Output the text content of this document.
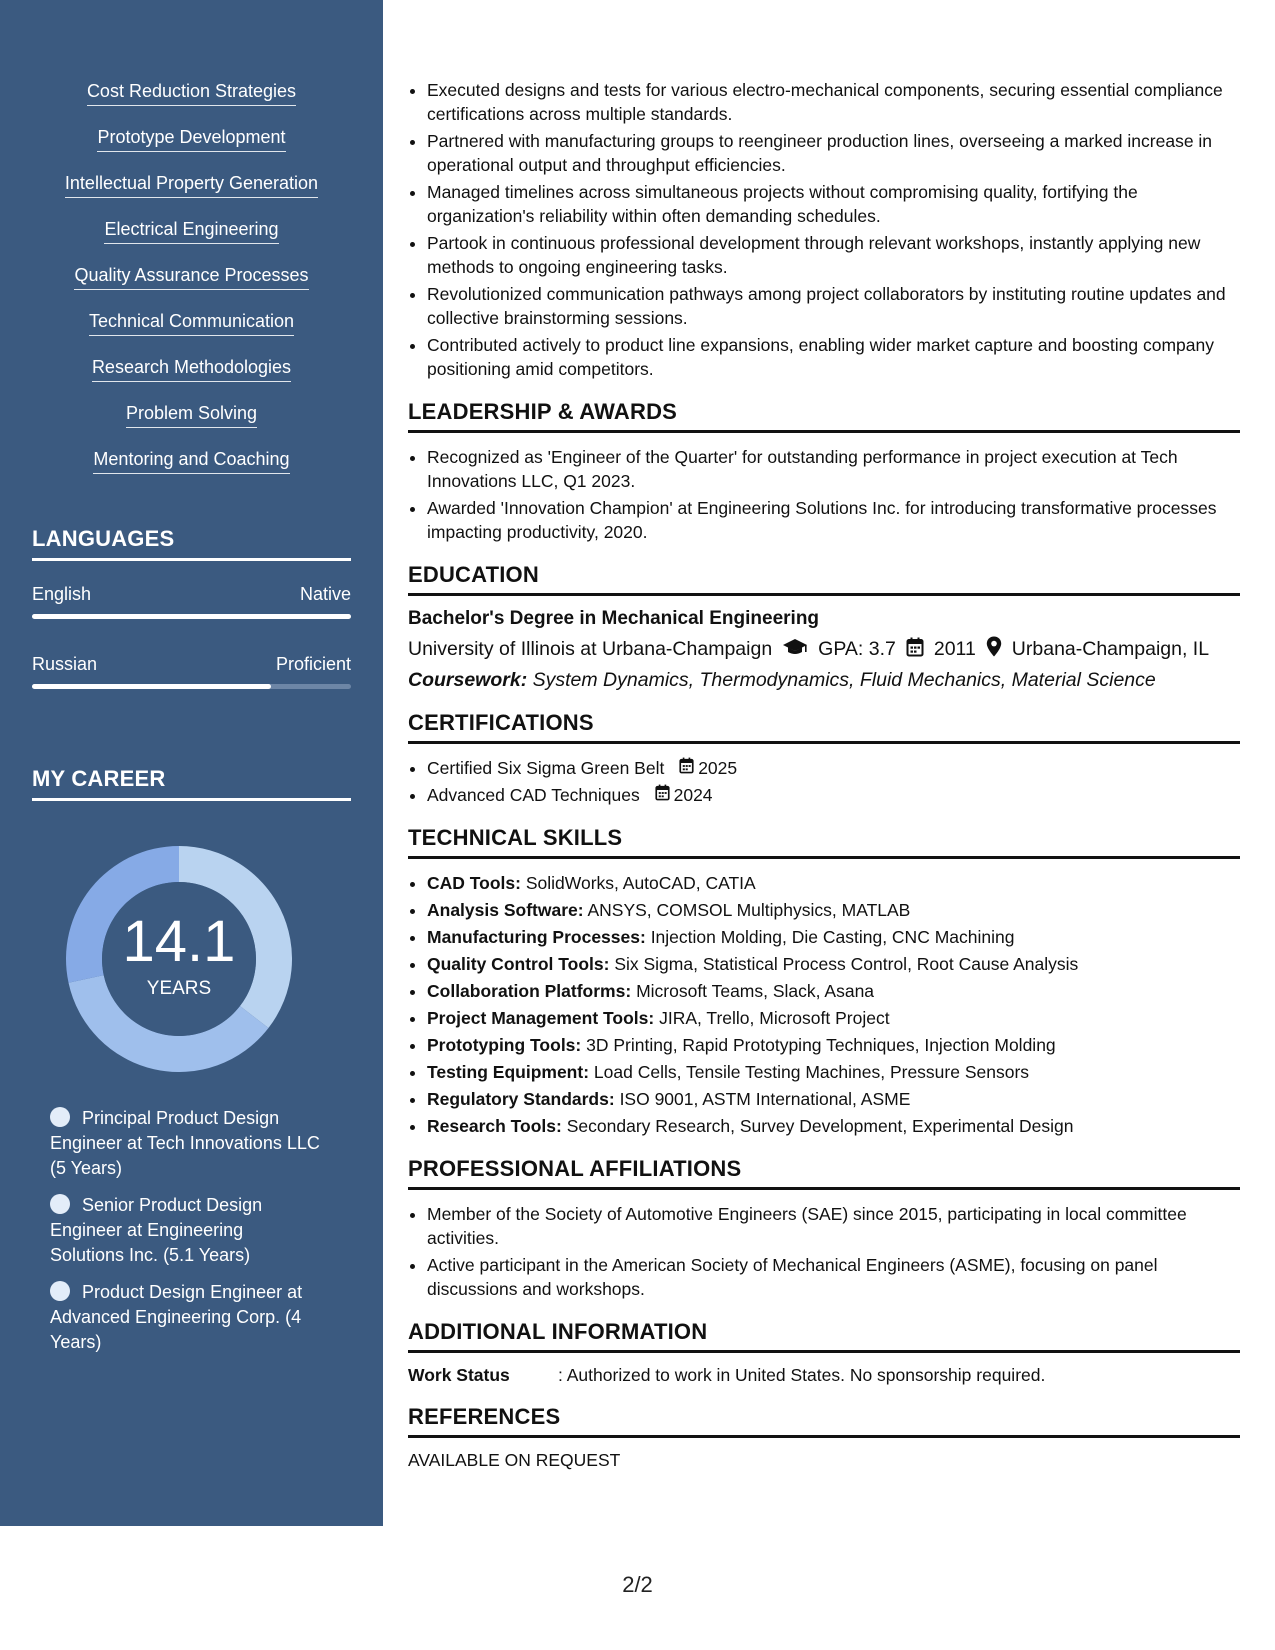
Cost Reduction Strategies
Prototype Development
Intellectual Property Generation
Electrical Engineering
Quality Assurance Processes
Technical Communication
Research Methodologies
Problem Solving
Mentoring and Coaching
LANGUAGES
English	Native
Russian	Proficient
MY CAREER
14.1
YEARS
Principal Product Design Engineer at Tech Innovations LLC (5 Years)
Senior Product Design Engineer at Engineering Solutions Inc. (5.1 Years)
Product Design Engineer at Advanced Engineering Corp. (4 Years)
• Executed designs and tests for various electro-mechanical components, securing essential compliance certifications across multiple standards.
• Partnered with manufacturing groups to reengineer production lines, overseeing a marked increase in operational output and throughput efficiencies.
• Managed timelines across simultaneous projects without compromising quality, fortifying the organization's reliability within often demanding schedules.
• Partook in continuous professional development through relevant workshops, instantly applying new methods to ongoing engineering tasks.
• Revolutionized communication pathways among project collaborators by instituting routine updates and collective brainstorming sessions.
• Contributed actively to product line expansions, enabling wider market capture and boosting company positioning amid competitors.
LEADERSHIP & AWARDS
• Recognized as 'Engineer of the Quarter' for outstanding performance in project execution at Tech Innovations LLC, Q1 2023.
• Awarded 'Innovation Champion' at Engineering Solutions Inc. for introducing transformative processes impacting productivity, 2020.
EDUCATION
Bachelor's Degree in Mechanical Engineering
University of Illinois at Urbana-Champaign GPA: 3.7 2011 Urbana-Champaign, IL
Coursework: System Dynamics, Thermodynamics, Fluid Mechanics, Material Science
CERTIFICATIONS
• Certified Six Sigma Green Belt 2025
• Advanced CAD Techniques 2024
TECHNICAL SKILLS
• CAD Tools: SolidWorks, AutoCAD, CATIA
• Analysis Software: ANSYS, COMSOL Multiphysics, MATLAB
• Manufacturing Processes: Injection Molding, Die Casting, CNC Machining
• Quality Control Tools: Six Sigma, Statistical Process Control, Root Cause Analysis
• Collaboration Platforms: Microsoft Teams, Slack, Asana
• Project Management Tools: JIRA, Trello, Microsoft Project
• Prototyping Tools: 3D Printing, Rapid Prototyping Techniques, Injection Molding
• Testing Equipment: Load Cells, Tensile Testing Machines, Pressure Sensors
• Regulatory Standards: ISO 9001, ASTM International, ASME
• Research Tools: Secondary Research, Survey Development, Experimental Design
PROFESSIONAL AFFILIATIONS
• Member of the Society of Automotive Engineers (SAE) since 2015, participating in local committee activities.
• Active participant in the American Society of Mechanical Engineers (ASME), focusing on panel discussions and workshops.
ADDITIONAL INFORMATION
Work Status	: Authorized to work in United States. No sponsorship required.
REFERENCES
AVAILABLE ON REQUEST
2/2
